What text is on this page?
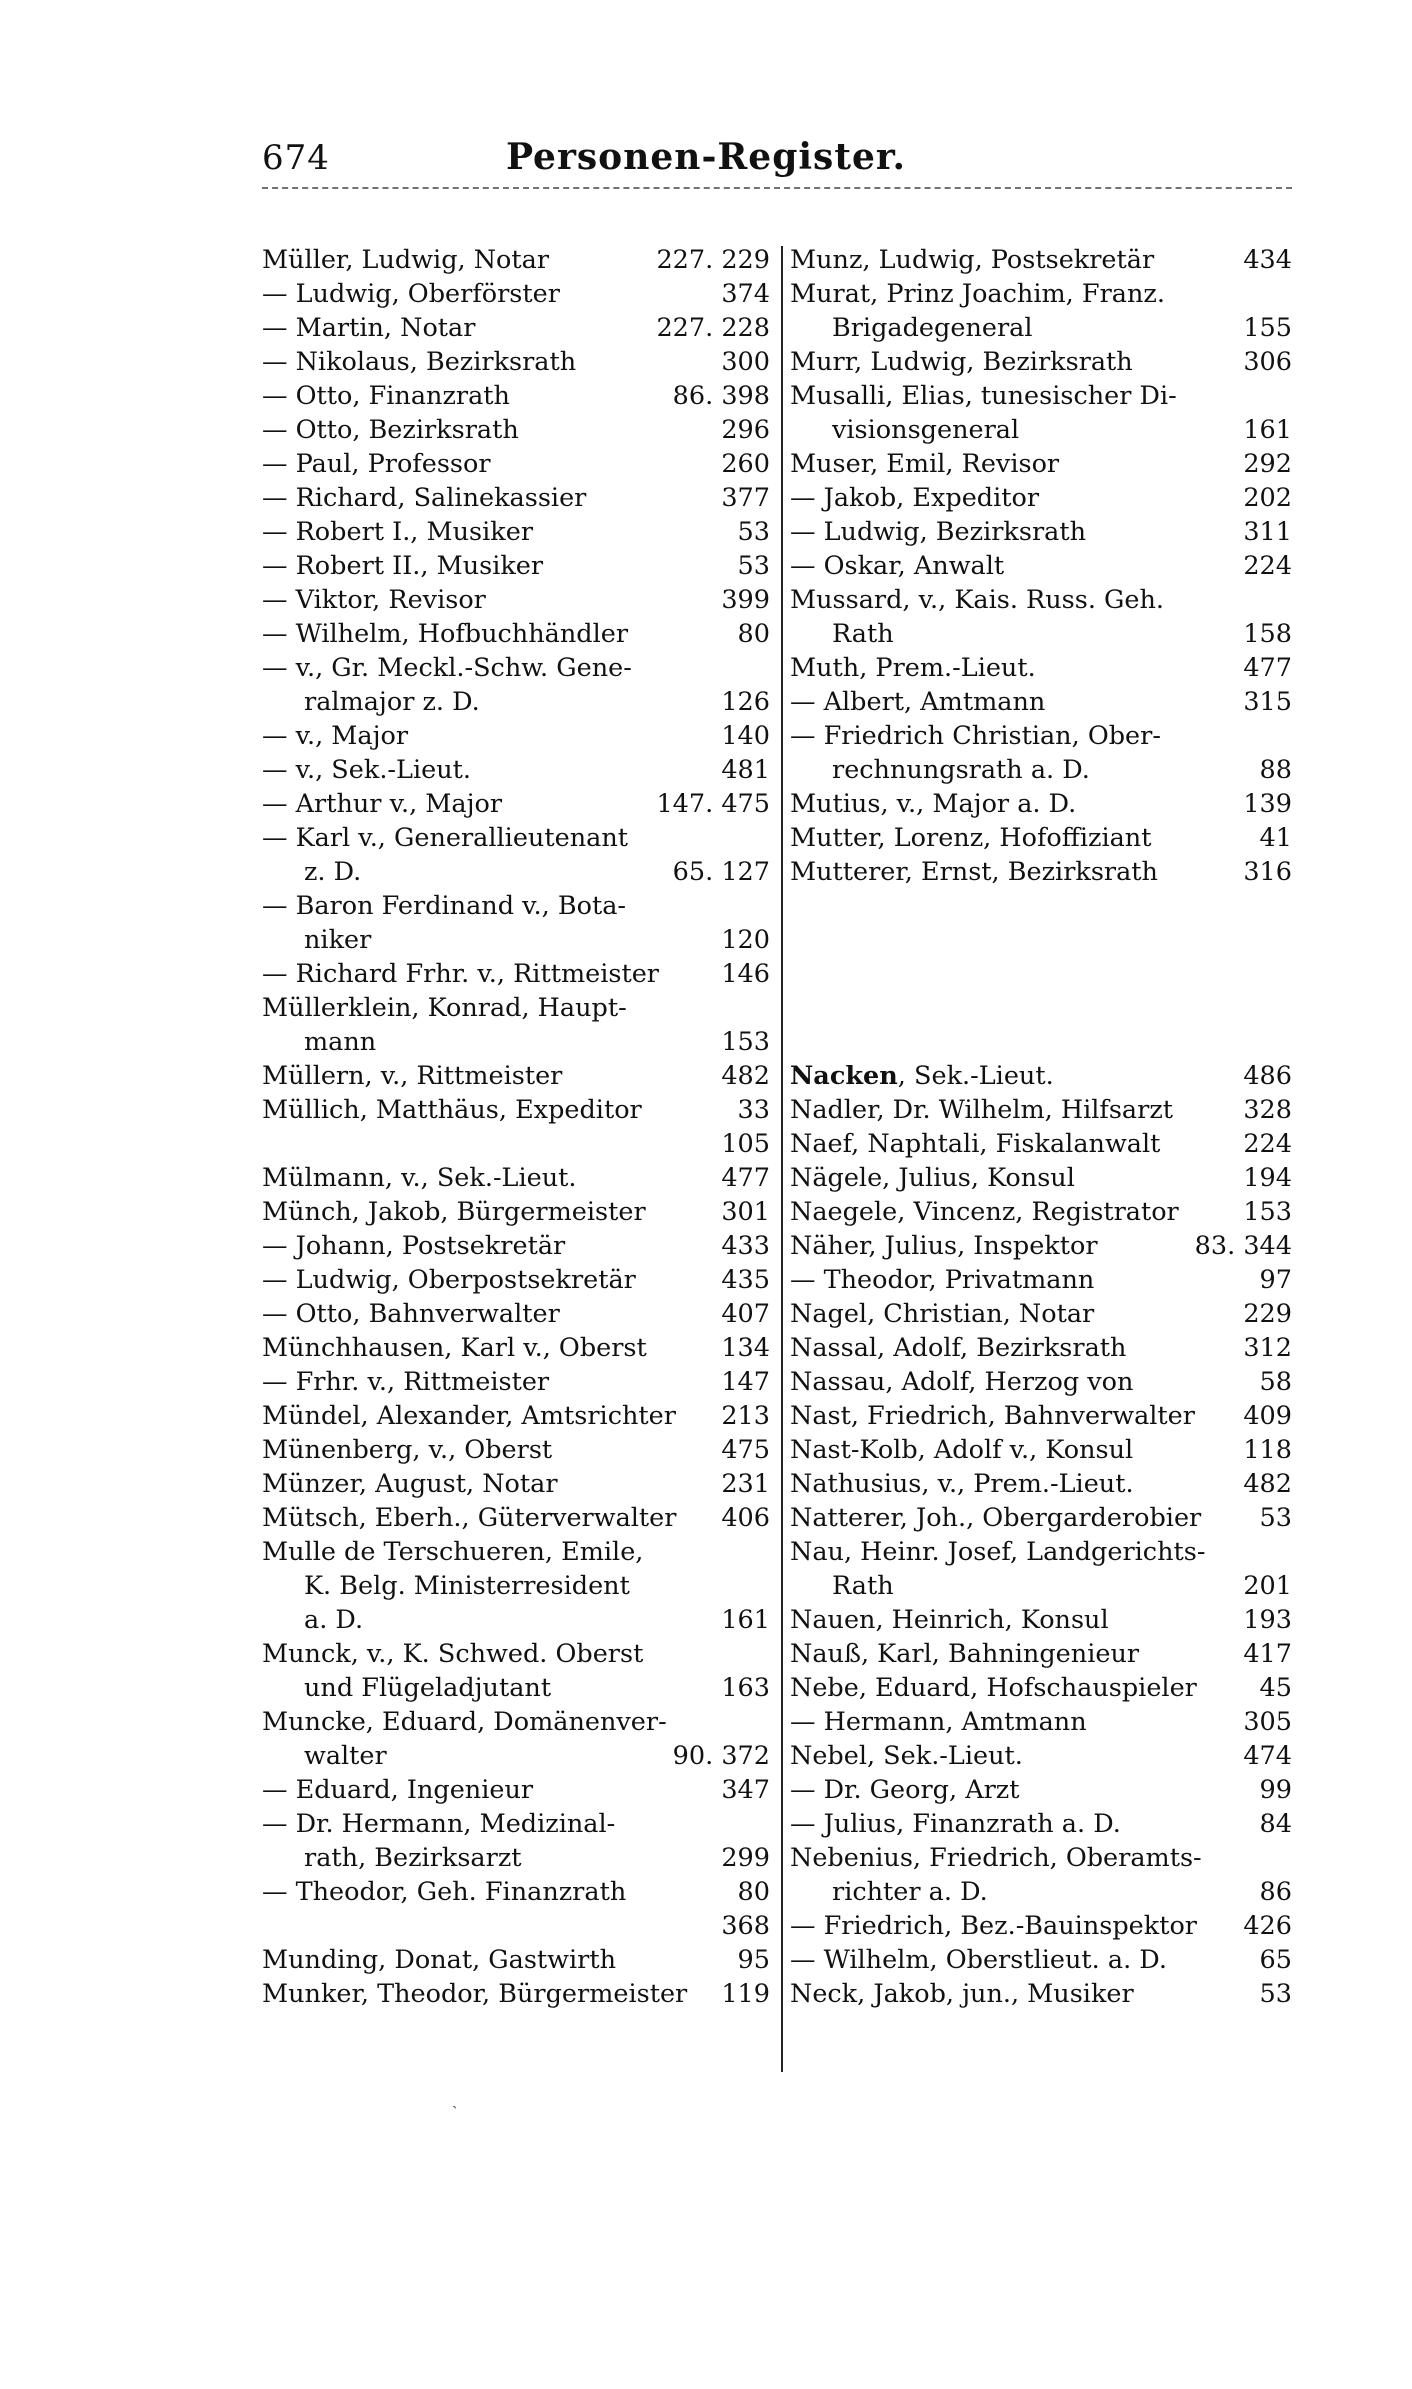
674	Personen-Register.
Müller, Ludwig, Notar	227. 229
— Ludwig, Oberförster	374
— Martin, Notar	227. 228
— Nikolaus, Bezirksrath	300
— Otto, Finanzrath	86. 398
— Otto, Bezirksrath	296
— Paul, Professor	260
— Richard, Salinekassier	377
— Robert I., Musiker	53
— Robert II., Musiker	53
— Viktor, Revisor	399
— Wilhelm, Hofbuchhändler	80
— v., Gr. Meckl.-Schw. Gene-
ralmajor z. D.	126
— v., Major	140
— v., Sek.-Lieut.	481
— Arthur v., Major	147. 475
— Karl v., Generallieutenant
z. D.	65. 127
— Baron Ferdinand v., Bota-
niker	120
— Richard Frhr. v., Rittmeister 146
Müllerklein, Konrad, Haupt-
mann	153
Müllern, v., Rittmeister	482
Müllich, Matthäus, Expeditor	33
105
Mülmann, v., Sek.-Lieut.	477
Münch, Jakob, Bürgermeister	301
— Johann, Postsekretär	433
— Ludwig, Oberpostsekretär	435
— Otto, Bahnverwalter	407
Münchhausen, Karl v., Oberst	134
— Frhr. v., Rittmeister	147
Mündel, Alexander, Amtsrichter 213
Münenberg, v., Oberst	475
Münzer, August, Notar	231
Mütsch, Eberh., Güterverwalter 406
Mulle de Terschueren, Emile,
K. Belg. Ministerresident
a. D.	161
Munck, v., K. Schwed. Oberst
und Flügeladjutant	163
Muncke, Eduard, Domänenver-
walter	90. 372
— Eduard, Ingenieur	347
— Dr. Hermann, Medizinal-
rath, Bezirksarzt	299
— Theodor, Geh. Finanzrath	80
368
Munding, Donat, Gastwirth	95
Munker, Theodor, Bürgermeister 119
Munz, Ludwig, Postsekretär	434
Murat, Prinz Joachim, Franz.
Brigadegeneral	155
Murr, Ludwig, Bezirksrath	306
Musalli, Elias, tunesischer Di-
visionsgeneral	161
Muser, Emil, Revisor	292
— Jakob, Expeditor	202
— Ludwig, Bezirksrath	311
— Oskar, Anwalt	224
Mussard, v., Kais. Russ. Geh.
Rath	158
Muth, Prem.-Lieut.	477
— Albert, Amtmann	315
— Friedrich Christian, Ober-
rechnungsrath a. D.	88
Mutius, v., Major a. D.	139
Mutter, Lorenz, Hofoffiziant	41
Mutterer, Ernst, Bezirksrath	316
Nacken, Sek.-Lieut.	486
Nadler, Dr. Wilhelm, Hilfsarzt	328
Naef, Naphtali, Fiskalanwalt	224
Nägele, Julius, Konsul	194
Naegele, Vincenz, Registrator	153
Näher, Julius, Inspektor	83. 344
— Theodor, Privatmann	97
Nagel, Christian, Notar	229
Nassal, Adolf, Bezirksrath	312
Nassau, Adolf, Herzog von	58
Nast, Friedrich, Bahnverwalter 409
Nast-Kolb, Adolf v., Konsul	118
Nathusius, v., Prem.-Lieut.	482
Natterer, Joh., Obergarderobier 53
Nau, Heinr. Josef, Landgerichts-
Rath	201
Nauen, Heinrich, Konsul	193
Nauß, Karl, Bahningenieur	417
Nebe, Eduard, Hofschauspieler 45
— Hermann, Amtmann	305
Nebel, Sek.-Lieut.	474
— Dr. Georg, Arzt	99
— Julius, Finanzrath a. D.	84
Nebenius, Friedrich, Oberamts-
richter a. D.	86
— Friedrich, Bez.-Bauinspektor 426
— Wilhelm, Oberstlieut. a. D.	65
Neck, Jakob, jun., Musiker	53
ˏ
